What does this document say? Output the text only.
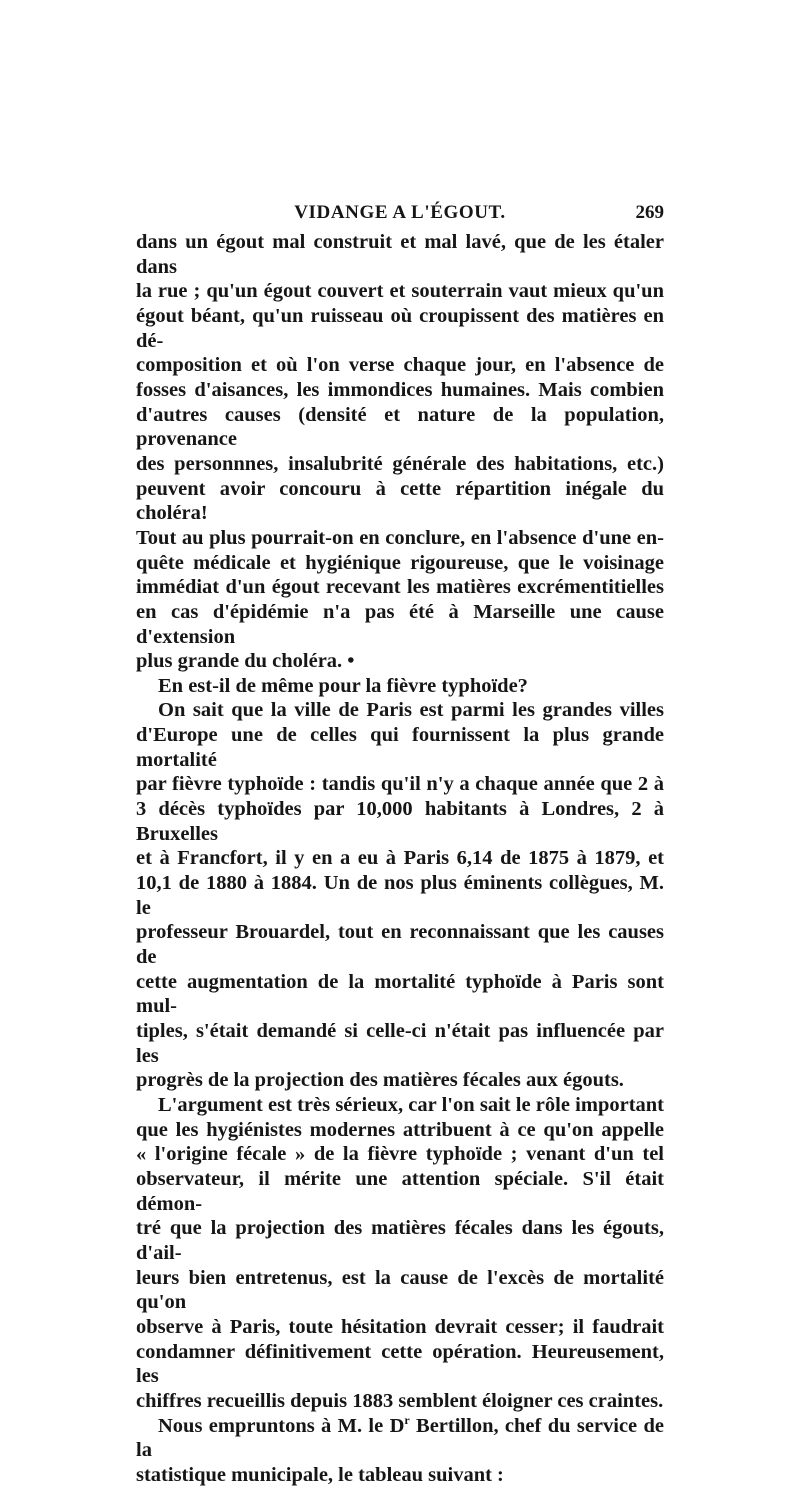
VIDANGE A L'ÉGOUT.	269

dans un égout mal construit et mal lavé, que de les étaler dans
la rue ; qu'un égout couvert et souterrain vaut mieux qu'un
égout béant, qu'un ruisseau où croupissent des matières en dé-
composition et où l'on verse chaque jour, en l'absence de
fosses d'aisances, les immondices humaines. Mais combien
d'autres causes (densité et nature de la population, provenance
des personnnes, insalubrité générale des habitations, etc.)
peuvent avoir concouru à cette répartition inégale du choléra!
Tout au plus pourrait-on en conclure, en l'absence d'une en-
quête médicale et hygiénique rigoureuse, que le voisinage
immédiat d'un égout recevant les matières excrémentitielles
en cas d'épidémie n'a pas été à Marseille une cause d'extension

plus grande du choléra. •

En est-il de même pour la fièvre typhoïde?

On sait que la ville de Paris est parmi les grandes villes

d'Europe une de celles qui fournissent la plus grande mortalité
par fièvre typhoïde : tandis qu'il n'y a chaque année que 2 à
3 décès typhoïdes par 10,000 habitants à Londres, 2 à Bruxelles
et à Francfort, il y en a eu à Paris 6,14 de 1875 à 1879, et
10,1 de 1880 à 1884. Un de nos plus éminents collègues, M. le
professeur Brouardel, tout en reconnaissant que les causes de
cette augmentation de la mortalité typhoïde à Paris sont mul-
tiples, s'était demandé si celle-ci n'était pas influencée par les

progrès de la projection des matières fécales aux égouts.

L'argument est très sérieux, car l'on sait le rôle important

que les hygiénistes modernes attribuent à ce qu'on appelle
« l'origine fécale » de la fièvre typhoïde ; venant d'un tel
observateur, il mérite une attention spéciale. S'il était démon-
tré que la projection des matières fécales dans les égouts, d'ail-
leurs bien entretenus, est la cause de l'excès de mortalité qu'on
observe à Paris, toute hésitation devrait cesser; il faudrait
condamner définitivement cette opération. Heureusement, les

chiffres recueillis depuis 1883 semblent éloigner ces craintes.

Nous empruntons à M. le $D^r$ Bertillon, chef du service de la

statistique municipale, le tableau suivant :
